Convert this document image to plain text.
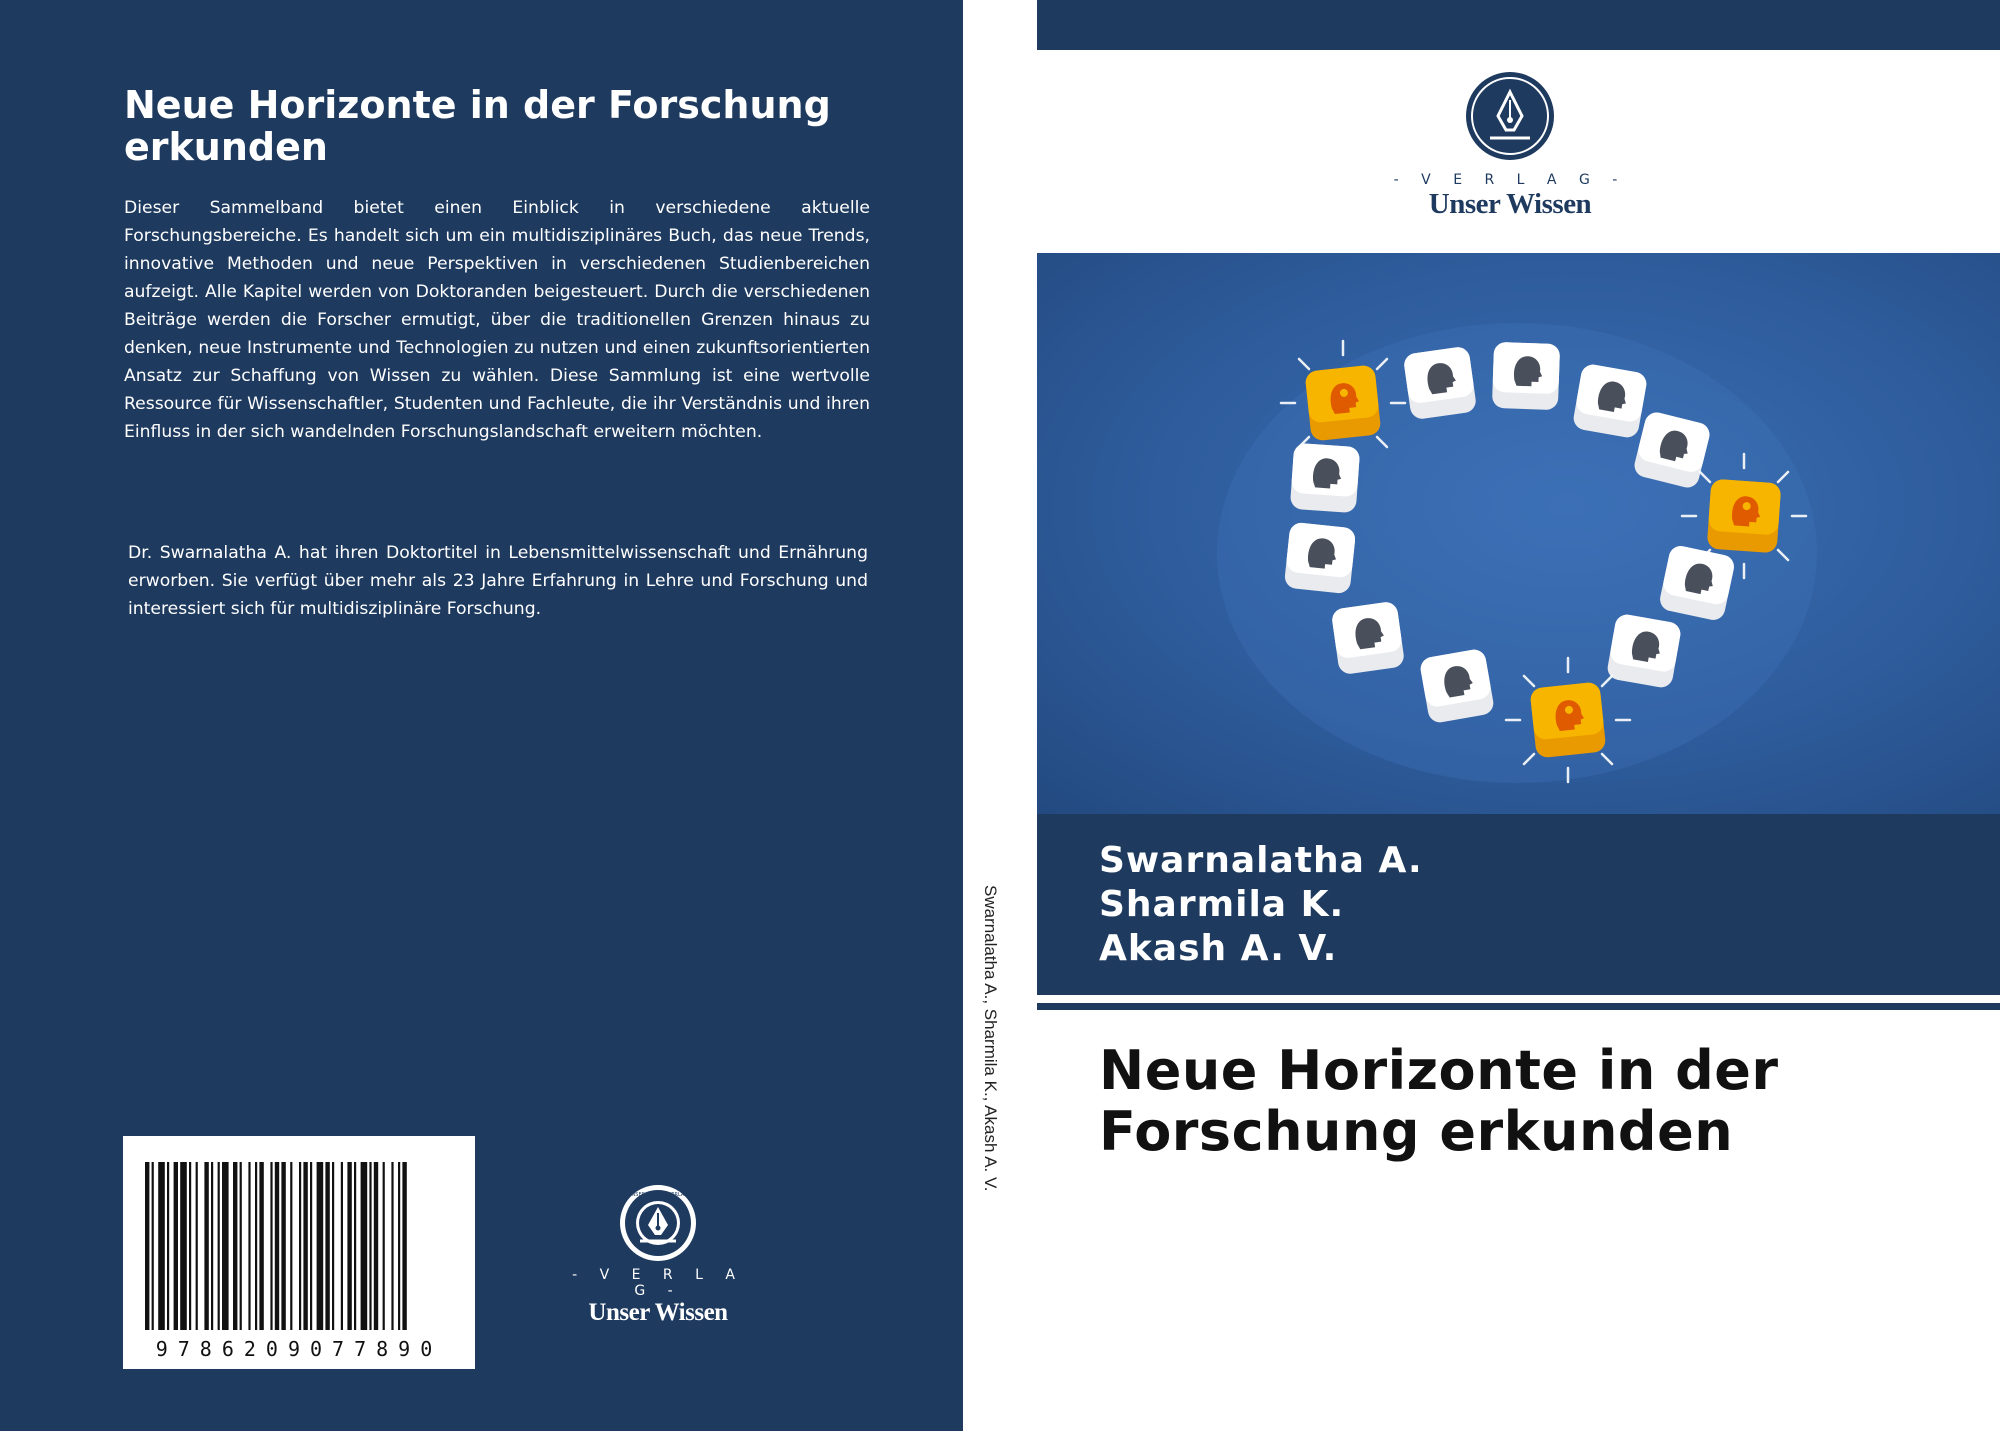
Neue Horizonte in der Forschung erkunden
Dieser Sammelband bietet einen Einblick in verschiedene aktuelle Forschungsbereiche. Es handelt sich um ein multidisziplinäres Buch, das neue Trends, innovative Methoden und neue Perspektiven in verschiedenen Studienbereichen aufzeigt. Alle Kapitel werden von Doktoranden beigesteuert. Durch die verschiedenen Beiträge werden die Forscher ermutigt, über die traditionellen Grenzen hinaus zu denken, neue Instrumente und Technologien zu nutzen und einen zukunftsorientierten Ansatz zur Schaffung von Wissen zu wählen. Diese Sammlung ist eine wertvolle Ressource für Wissenschaftler, Studenten und Fachleute, die ihr Verständnis und ihren Einfluss in der sich wandelnden Forschungslandschaft erweitern möchten.
Dr. Swarnalatha A. hat ihren Doktortitel in Lebensmittelwissenschaft und Ernährung erworben. Sie verfügt über mehr als 23 Jahre Erfahrung in Lehre und Forschung und interessiert sich für multidisziplinäre Forschung.
9786209077890
UNSER WISSEN VERLAG
- V E R L A G -
Unser Wissen
Swarnalatha A., Sharmila K., Akash A. V.
- V E R L A G -
Unser Wissen
Swarnalatha A.
Sharmila K.
Akash A. V.
Neue Horizonte in der Forschung erkunden
